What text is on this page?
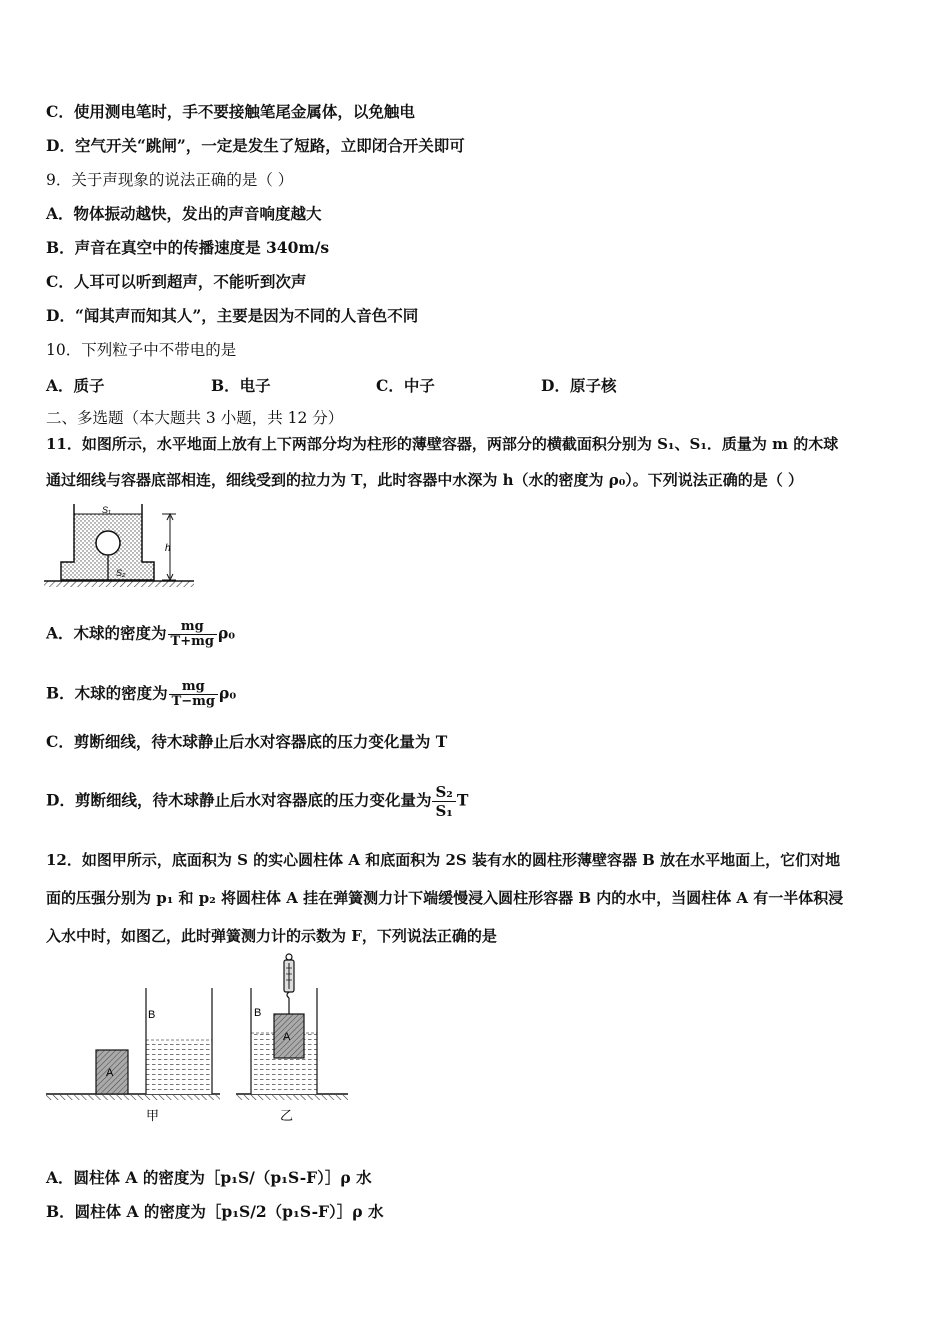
C．使用测电笔时，手不要接触笔尾金属体，以免触电
D．空气开关“跳闸”，一定是发生了短路，立即闭合开关即可
9．关于声现象的说法正确的是（ ）
A．物体振动越快，发出的声音响度越大
B．声音在真空中的传播速度是 340m/s
C．人耳可以听到超声，不能听到次声
D．“闻其声而知其人”，主要是因为不同的人音色不同
10．下列粒子中不带电的是
A．质子	B．电子	C．中子	D．原子核
二、多选题（本大题共 3 小题，共 12 分）
11．如图所示，水平地面上放有上下两部分均为柱形的薄壁容器，两部分的横截面积分别为 S₁、S₁．质量为 m 的木球
通过细线与容器底部相连，细线受到的拉力为 T，此时容器中水深为 h（水的密度为 ρ₀）。下列说法正确的是（ ）
h
S₁
S₂
A．木球的密度为 $\frac{mg}{T+mg} \rho_0$
B．木球的密度为 $\frac{mg}{T-mg} \rho_0$
C．剪断细线，待木球静止后水对容器底的压力变化量为 T
D．剪断细线，待木球静止后水对容器底的压力变化量为 $\frac{\text{S₂}}{\text{S₁}}$ T
12．如图甲所示，底面积为 S 的实心圆柱体 A 和底面积为 2S 装有水的圆柱形薄壁容器 B 放在水平地面上，它们对地
面的压强分别为 p₁ 和 p₂ 将圆柱体 A 挂在弹簧测力计下端缓慢浸入圆柱形容器 B 内的水中，当圆柱体 A 有一半体积浸
入水中时，如图乙，此时弹簧测力计的示数为 F，下列说法正确的是
A
B
甲
B
A
乙
A．圆柱体 A 的密度为［p₁S/（p₁S-F）］ρ 水
B．圆柱体 A 的密度为［p₁S/2（p₁S-F）］ρ 水
